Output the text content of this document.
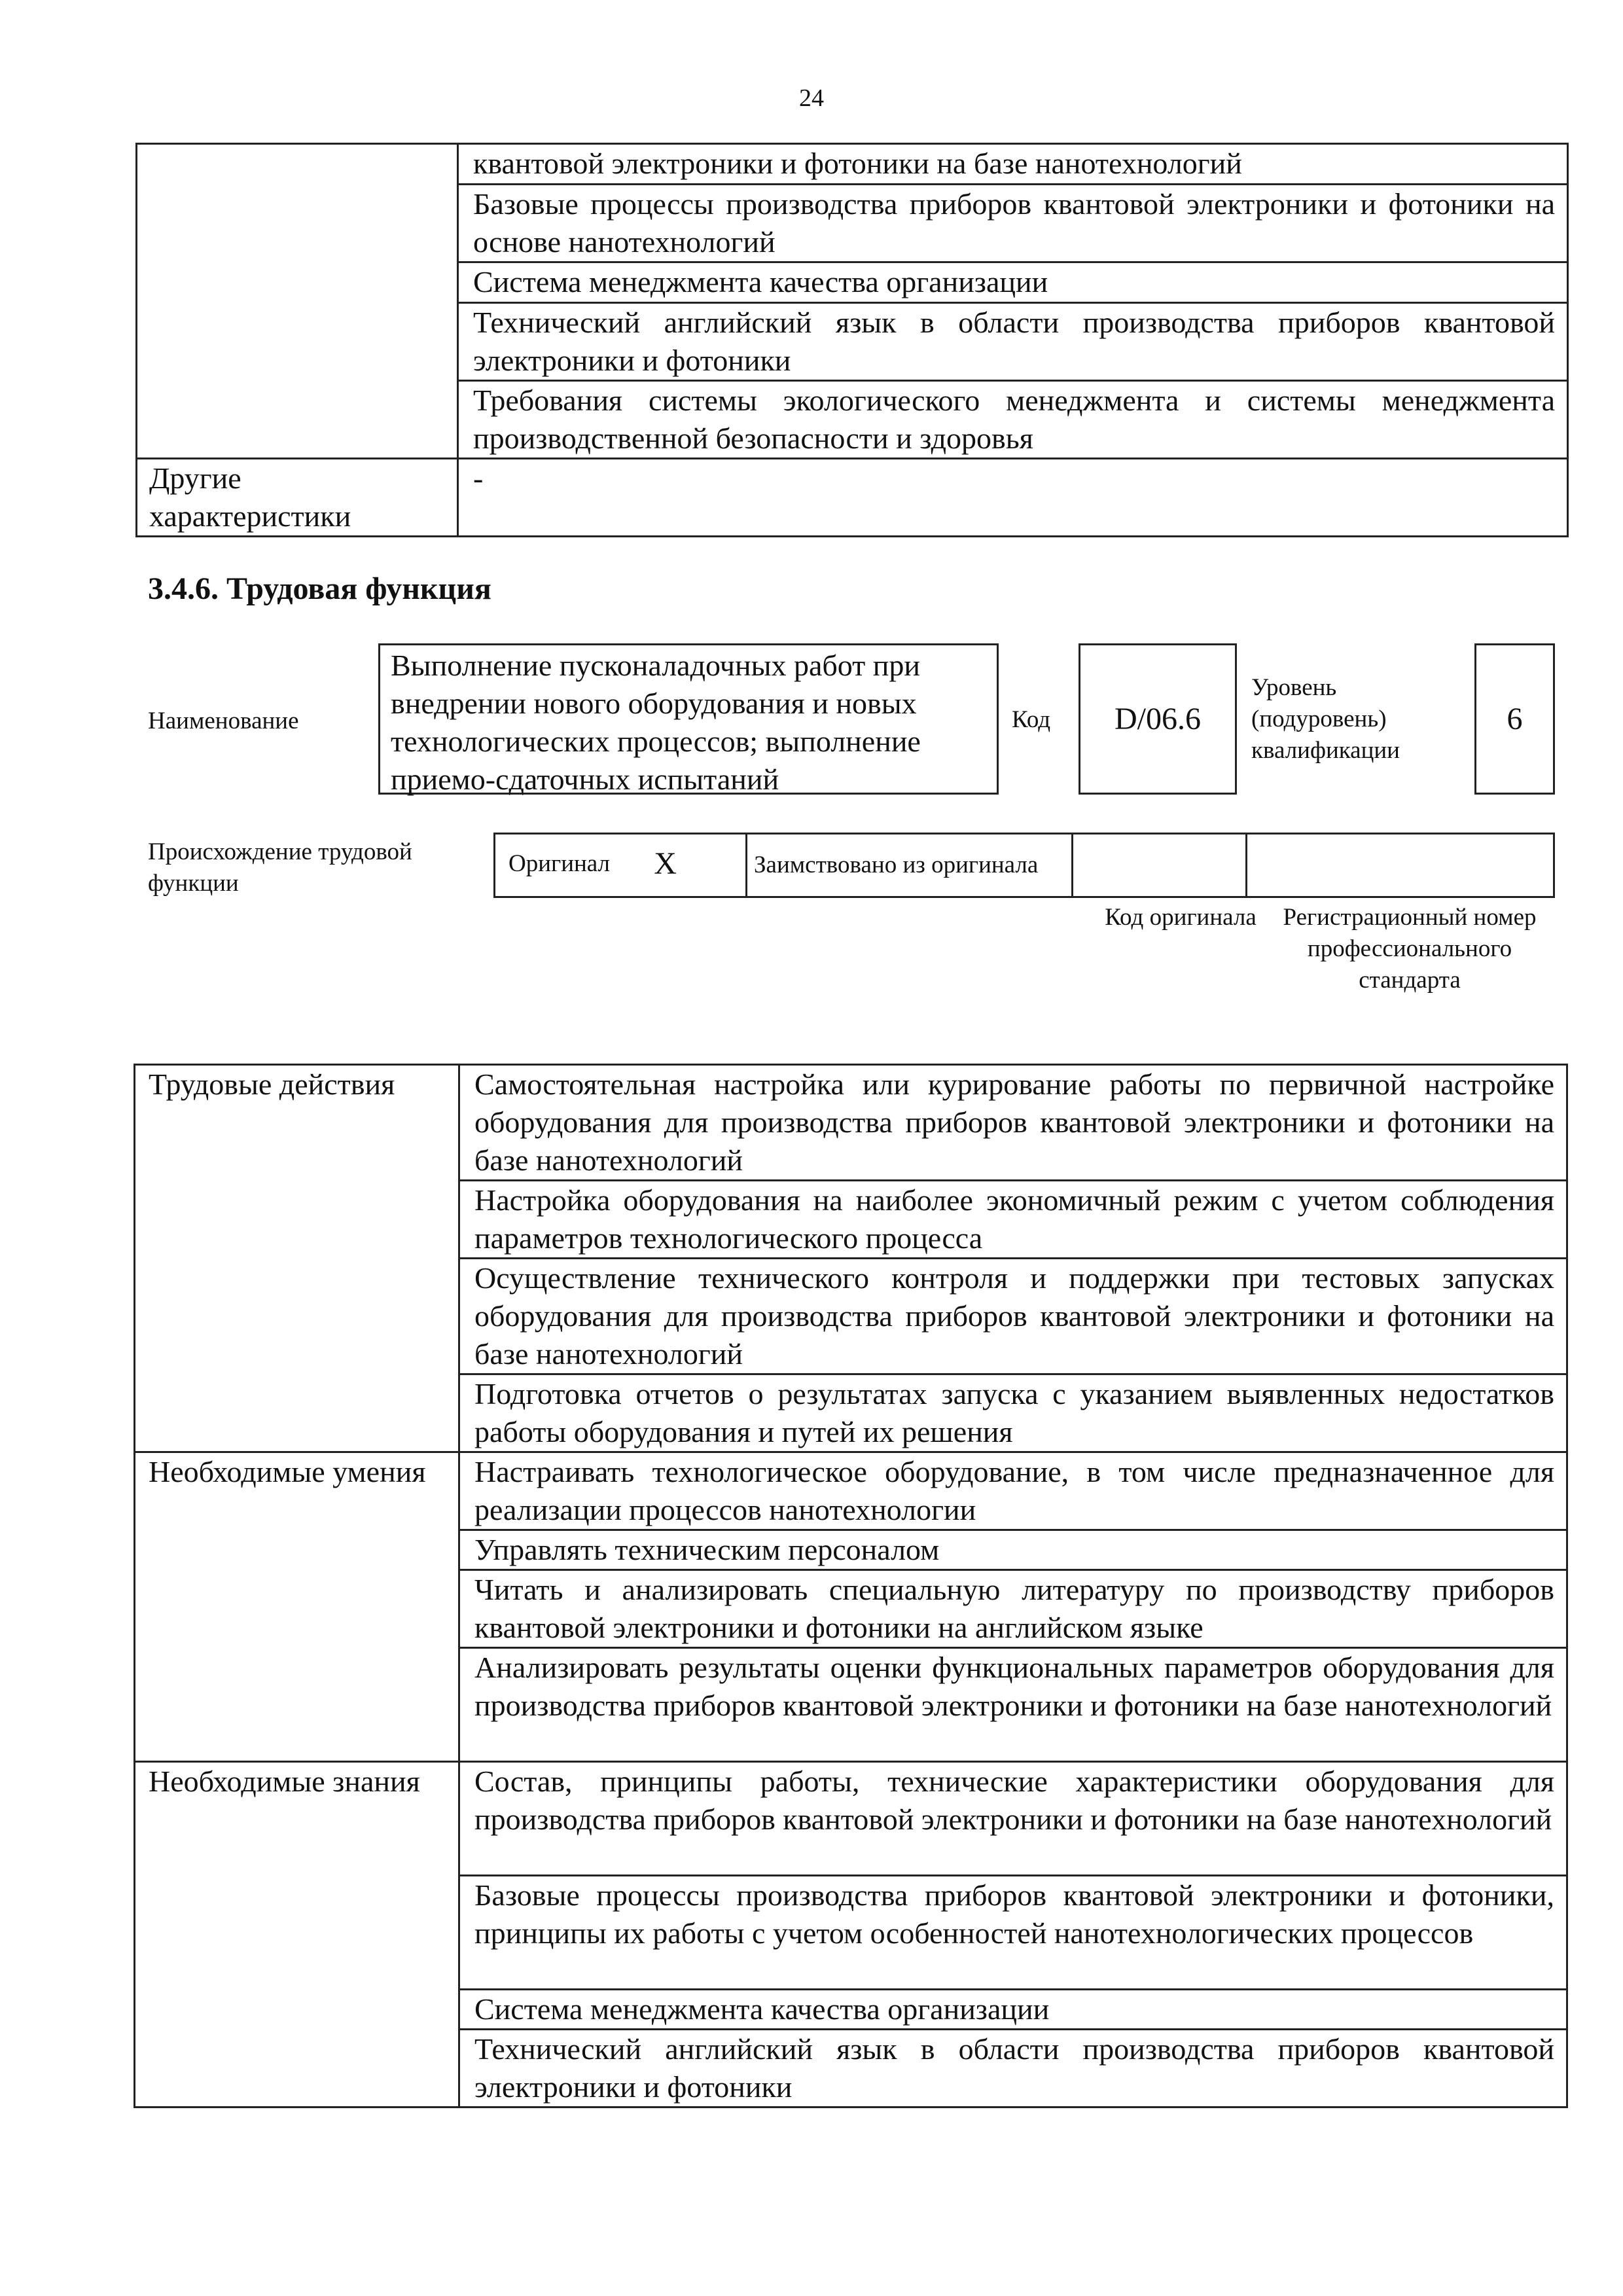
24
	квантовой электроники и фотоники на базе нанотехнологий
	Базовые процессы производства приборов квантовой электроники и фотоники на основе нанотехнологий
	Система менеджмента качества организации
	Технический английский язык в области производства приборов квантовой электроники и фотоники
	Требования системы экологического менеджмента и системы менеджмента производственной безопасности и здоровья
Другие характеристики	-
3.4.6. Трудовая функция
Наименование
Выполнение пусконаладочных работ при внедрении нового оборудования и новых технологических процессов; выполнение приемо-сдаточных испытаний
Код D/06.6
Уровень (подуровень) квалификации
6
Происхождение трудовой функции
Оригинал X	Заимствовано из оригинала		
Код оригинала	Регистрационный номер профессионального стандарта
Трудовые действия	Самостоятельная настройка или курирование работы по первичной настройке оборудования для производства приборов квантовой электроники и фотоники на базе нанотехнологий
	Настройка оборудования на наиболее экономичный режим с учетом соблюдения параметров технологического процесса
	Осуществление технического контроля и поддержки при тестовых запусках оборудования для производства приборов квантовой электроники и фотоники на базе нанотехнологий
	Подготовка отчетов о результатах запуска с указанием выявленных недостатков работы оборудования и путей их решения
Необходимые умения	Настраивать технологическое оборудование, в том числе предназначенное для реализации процессов нанотехнологии
	Управлять техническим персоналом
	Читать и анализировать специальную литературу по производству приборов квантовой электроники и фотоники на английском языке
	Анализировать результаты оценки функциональных параметров оборудования для производства приборов квантовой электроники и фотоники на базе нанотехнологий
Необходимые знания	Состав, принципы работы, технические характеристики оборудования для производства приборов квантовой электроники и фотоники на базе нанотехнологий
	Базовые процессы производства приборов квантовой электроники и фотоники, принципы их работы с учетом особенностей нанотехнологических процессов
	Система менеджмента качества организации
	Технический английский язык в области производства приборов квантовой электроники и фотоники
